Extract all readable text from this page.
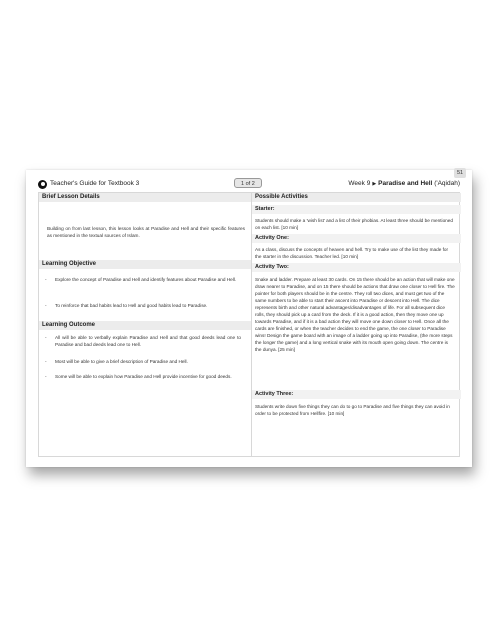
Teacher's Guide for Textbook 3	1 of 2	Week 9 ▶ Paradise and Hell ('Aqidah)
51
Brief Lesson Details
Building on from last lesson, this lesson looks at Paradise and Hell and their specific features as mentioned in the textual sources of Islam.
Learning Objective
- Explore the concept of Paradise and Hell and identify features about Paradise and Hell.
- To reinforce that bad habits lead to Hell and good habits lead to Paradise.
Learning Outcome
- All will be able to verbally explain Paradise and Hell and that good deeds lead one to Paradise and bad deeds lead one to Hell.
- Most will be able to give a brief description of Paradise and Hell.
- Some will be able to explain how Paradise and Hell provide incentive for good deeds.
Possible Activities
Starter:
Students should make a 'wish list' and a list of their phobias. At least three should be mentioned on each list. [10 min]
Activity One:
As a class, discuss the concepts of heaven and hell. Try to make use of the list they made for the starter in the discussion. Teacher led. [10 min]
Activity Two:
Snake and ladder. Prepare at least 30 cards. On 15 there should be an action that will make one draw nearer to Paradise, and on 15 there should be actions that draw one closer to Hell fire. The pointer for both players should be in the centre. They roll two dices, and must get two of the same numbers to be able to start their ascent into Paradise or descent into Hell. The dice represents birth and other natural advantages/disadvantages of life. For all subsequent dice rolls, they should pick up a card from the deck. If it is a good action, then they move one up towards Paradise, and if it is a bad action they will move one down closer to Hell. Once all the cards are finished, or when the teacher decides to end the game, the one closer to Paradise wins! Design the game board with an image of a ladder going up into Paradise, (the more steps the longer the game) and a long vertical snake with its mouth open going down. The centre is the dunya. [25 min]
Activity Three:
Students write down five things they can do to go to Paradise and five things they can avoid in order to be protected from Hellfire. [10 min]
